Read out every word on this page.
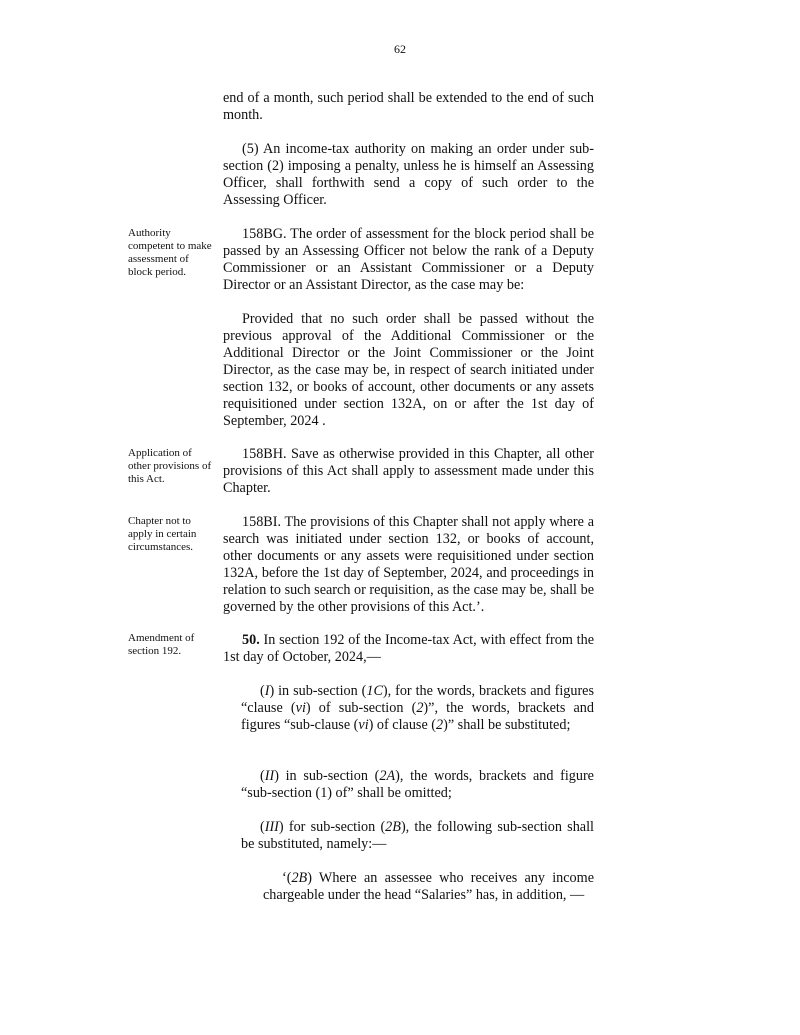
62
Authority competent to make assessment of block period.
Application of other provisions of this Act.
Chapter not to apply in certain circumstances.
Amendment of section 192.

end of a month, such period shall be extended to the end of such month.

(5) An income-tax authority on making an order under sub-section (2) imposing a penalty, unless he is himself an Assessing Officer, shall forthwith send a copy of such order to the Assessing Officer.

158BG. The order of assessment for the block period shall be passed by an Assessing Officer not below the rank of a Deputy Commissioner or an Assistant Commissioner or a Deputy Director or an Assistant Director, as the case may be:

Provided that no such order shall be passed without the previous approval of the Additional Commissioner or the Additional Director or the Joint Commissioner or the Joint Director, as the case may be, in respect of search initiated under section 132, or books of account, other documents or any assets requisitioned under section 132A, on or after the 1st day of September, 2024 .

158BH. Save as otherwise provided in this Chapter, all other provisions of this Act shall apply to assessment made under this Chapter.

158BI. The provisions of this Chapter shall not apply where a search was initiated under section 132, or books of account, other documents or any assets were requisitioned under section 132A, before the 1st day of September, 2024, and proceedings in relation to such search or requisition, as the case may be, shall be governed by the other provisions of this Act.’.

50. In section 192 of the Income-tax Act, with effect from the 1st day of October, 2024,—

(I) in sub-section (1C), for the words, brackets and figures “clause (vi) of sub-section (2)”, the words, brackets and figures “sub-clause (vi) of clause (2)” shall be substituted;

(II) in sub-section (2A), the words, brackets and figure “sub-section (1) of” shall be omitted;

(III) for sub-section (2B), the following sub-section shall be substituted, namely:—

‘(2B) Where an assessee who receives any income chargeable under the head “Salaries” has, in addition, —
